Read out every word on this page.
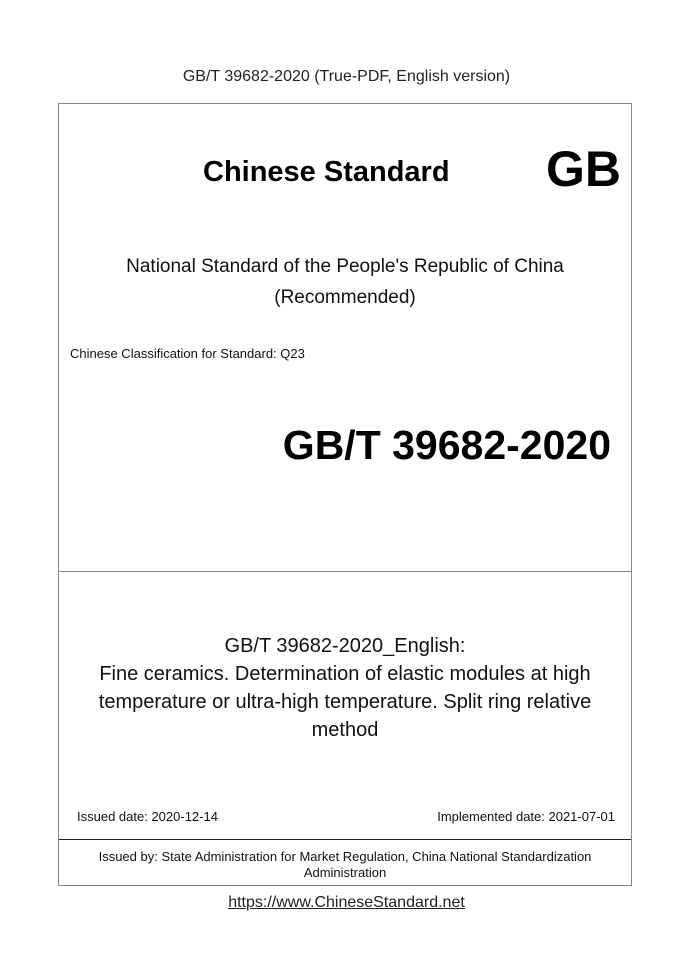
GB/T 39682-2020 (True-PDF, English version)
Chinese Standard GB
National Standard of the People's Republic of China
(Recommended)
Chinese Classification for Standard: Q23
GB/T 39682-2020
GB/T 39682-2020_English:
Fine ceramics. Determination of elastic modules at high
temperature or ultra-high temperature. Split ring relative
method
Issued date: 2020-12-14	Implemented date: 2021-07-01
Issued by: State Administration for Market Regulation, China National Standardization
Administration
https://www.ChineseStandard.net
